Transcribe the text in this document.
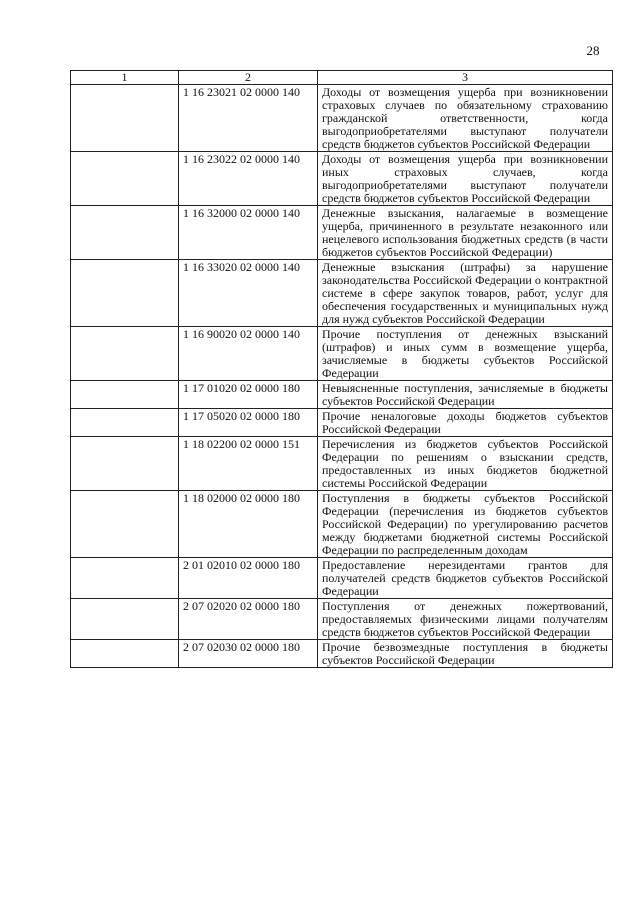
28
1	2	3
	1 16 23021 02 0000 140	Доходы от возмещения ущерба при возникновении страховых случаев по обязательному страхованию гражданской ответственности, когда выгодоприобретателями выступают получатели средств бюджетов субъектов Российской Федерации
	1 16 23022 02 0000 140	Доходы от возмещения ущерба при возникновении иных страховых случаев, когда выгодоприобретателями выступают получатели средств бюджетов субъектов Российской Федерации
	1 16 32000 02 0000 140	Денежные взыскания, налагаемые в возмещение ущерба, причиненного в результате незаконного или нецелевого использования бюджетных средств (в части бюджетов субъектов Российской Федерации)
	1 16 33020 02 0000 140	Денежные взыскания (штрафы) за нарушение законодательства Российской Федерации о контрактной системе в сфере закупок товаров, работ, услуг для обеспечения государственных и муниципальных нужд для нужд субъектов Российской Федерации
	1 16 90020 02 0000 140	Прочие поступления от денежных взысканий (штрафов) и иных сумм в возмещение ущерба, зачисляемые в бюджеты субъектов Российской Федерации
	1 17 01020 02 0000 180	Невыясненные поступления, зачисляемые в бюджеты субъектов Российской Федерации
	1 17 05020 02 0000 180	Прочие неналоговые доходы бюджетов субъектов Российской Федерации
	1 18 02200 02 0000 151	Перечисления из бюджетов субъектов Российской Федерации по решениям о взыскании средств, предоставленных из иных бюджетов бюджетной системы Российской Федерации
	1 18 02000 02 0000 180	Поступления в бюджеты субъектов Российской Федерации (перечисления из бюджетов субъектов Российской Федерации) по урегулированию расчетов между бюджетами бюджетной системы Российской Федерации по распределенным доходам
	2 01 02010 02 0000 180	Предоставление нерезидентами грантов для получателей средств бюджетов субъектов Российской Федерации
	2 07 02020 02 0000 180	Поступления от денежных пожертвований, предоставляемых физическими лицами получателям средств бюджетов субъектов Российской Федерации
	2 07 02030 02 0000 180	Прочие безвозмездные поступления в бюджеты субъектов Российской Федерации
